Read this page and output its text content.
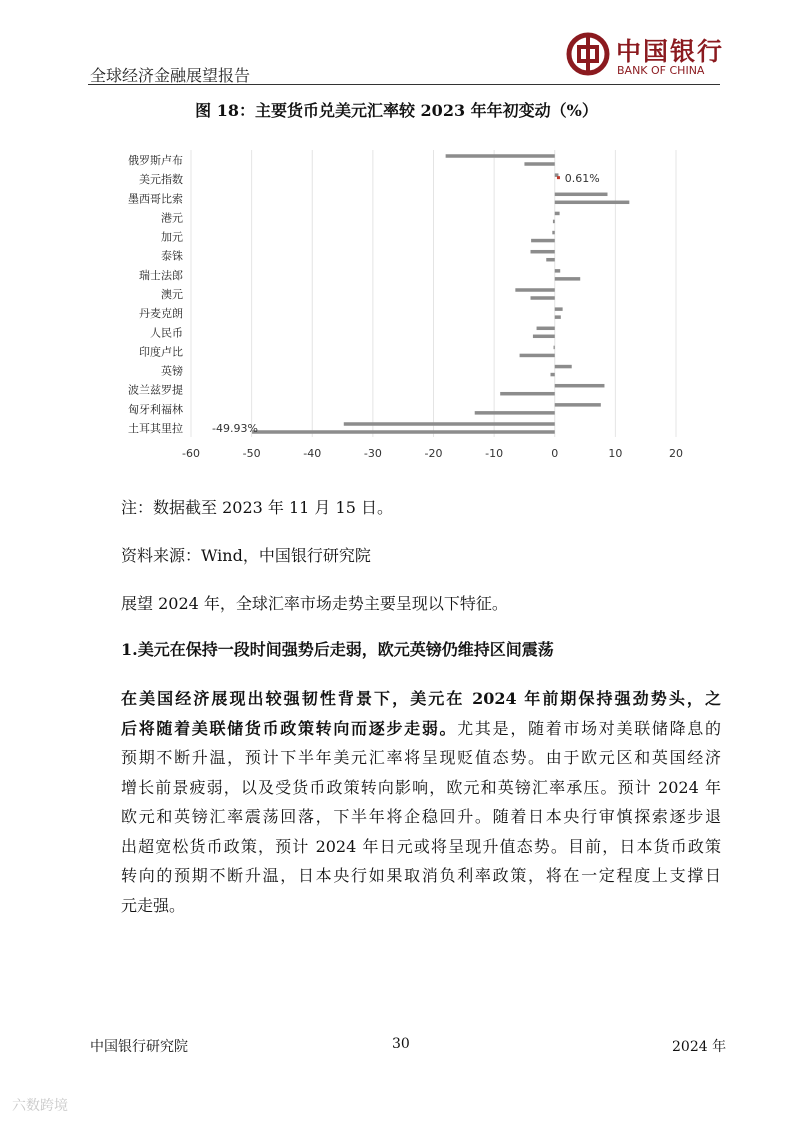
全球经济金融展望报告
中国银行
BANK OF CHINA
图 18：主要货币兑美元汇率较 2023 年年初变动（%）
-60	-50	-40	-30	-20	-10	0	10	20
俄罗斯卢布
美元指数
墨西哥比索
港元
加元
泰铢
瑞士法郎
澳元
丹麦克朗
人民币
印度卢比
英镑
波兰兹罗提
匈牙利福林
土耳其里拉
0.61%
-49.93%
注：数据截至 2023 年 11 月 15 日。
资料来源：Wind，中国银行研究院
展望 2024 年，全球汇率市场走势主要呈现以下特征。
1.美元在保持一段时间强势后走弱，欧元英镑仍维持区间震荡
在美国经济展现出较强韧性背景下，美元在 2024 年前期保持强劲势头，之
后将随着美联储货币政策转向而逐步走弱。尤其是，随着市场对美联储降息的
预期不断升温，预计下半年美元汇率将呈现贬值态势。由于欧元区和英国经济
增长前景疲弱，以及受货币政策转向影响，欧元和英镑汇率承压。预计 2024 年
欧元和英镑汇率震荡回落，下半年将企稳回升。随着日本央行审慎探索逐步退
出超宽松货币政策，预计 2024 年日元或将呈现升值态势。目前，日本货币政策
转向的预期不断升温，日本央行如果取消负利率政策，将在一定程度上支撑日
元走强。
中国银行研究院	30	2024 年
六数跨境
